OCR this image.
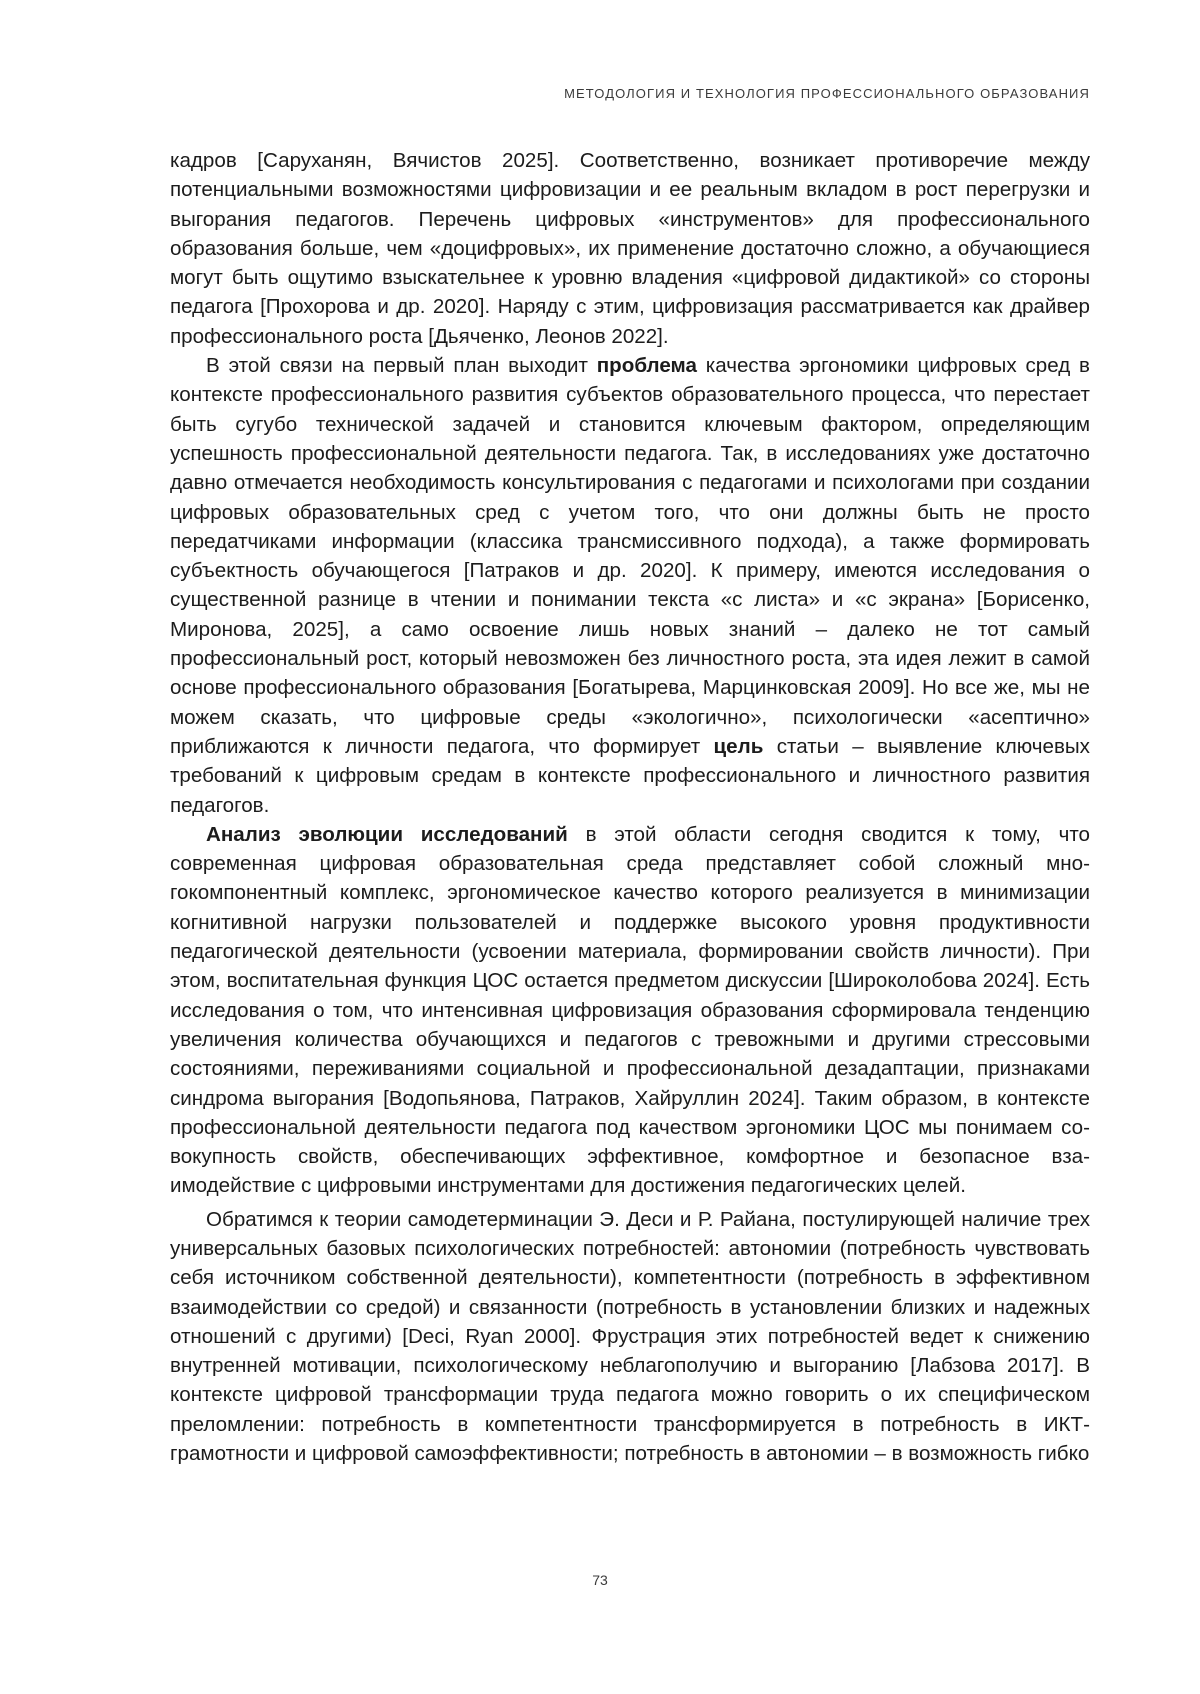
МЕТОДОЛОГИЯ И ТЕХНОЛОГИЯ ПРОФЕССИОНАЛЬНОГО ОБРАЗОВАНИЯ

кадров [Саруханян, Вячистов 2025]. Соответственно, возникает противоречие между потенциальными возможностями цифровизации и ее реальным вкладом в рост перегрузки и выгорания педагогов. Перечень цифровых «инструментов» для профессионального образования больше, чем «доцифровых», их применение достаточно сложно, а обучающиеся могут быть ощутимо взыскательнее к уровню владения «цифровой дидактикой» со стороны педагога [Прохорова и др. 2020]. Наряду с этим, цифровизация рассматривается как драйвер профессионального роста [Дьяченко, Леонов 2022].

В этой связи на первый план выходит проблема качества эргономики цифровых сред в контексте профессионального развития субъектов образовательного процесса, что перестает быть сугубо технической задачей и становится ключевым фактором, определяющим успешность профессиональной деятельности педагога. Так, в исследованиях уже достаточно давно отмечается необходимость консультирования с педагогами и психологами при создании цифровых образовательных сред с учетом того, что они должны быть не просто передатчиками информации (классика трансмиссивного подхода), а также формировать субъектность обучающегося [Патраков и др. 2020]. К примеру, имеются исследования о существенной разнице в чтении и понимании текста «с листа» и «с экрана» [Борисенко, Миронова, 2025], а само освоение лишь новых знаний – далеко не тот самый профессиональный рост, который невозможен без личностного роста, эта идея лежит в самой основе профессионального образования [Богатырева, Марцинковская 2009]. Но все же, мы не можем сказать, что цифровые среды «экологично», психологически «асептично» приближаются к личности педагога, что формирует цель статьи – выявление ключевых требований к цифровым средам в контексте профессионального и личностного развития педагогов.

Анализ эволюции исследований в этой области сегодня сводится к тому, что современная цифровая образовательная среда представляет собой сложный многокомпонентный комплекс, эргономическое качество которого реализуется в минимизации когнитивной нагрузки пользователей и поддержке высокого уровня продуктивности педагогической деятельности (усвоении материала, формировании свойств личности). При этом, воспитательная функция ЦОС остается предметом дискуссии [Широколобова 2024]. Есть исследования о том, что интенсивная цифровизация образования сформировала тенденцию увеличения количества обучающихся и педагогов с тревожными и другими стрессовыми состояниями, переживаниями социальной и профессиональной дезадаптации, признаками синдрома выгорания [Водопьянова, Патраков, Хайруллин 2024]. Таким образом, в контексте профессиональной деятельности педагога под качеством эргономики ЦОС мы понимаем совокупность свойств, обеспечивающих эффективное, комфортное и безопасное взаимодействие с цифровыми инструментами для достижения педагогических целей.

Обратимся к теории самодетерминации Э. Деси и Р. Райана, постулирующей наличие трех универсальных базовых психологических потребностей: автономии (потребность чувствовать себя источником собственной деятельности), компетентности (потребность в эффективном взаимодействии со средой) и связанности (потребность в установлении близких и надежных отношений с другими) [Deci, Ryan 2000]. Фрустрация этих потребностей ведет к снижению внутренней мотивации, психологическому неблагополучию и выгоранию [Лабзова 2017]. В контексте цифровой трансформации труда педагога можно говорить о их специфическом преломлении: потребность в компетентности трансформируется в потребность в ИКТ-грамотности и цифровой самоэффективности; потребность в автономии – в возможность гибко

73
